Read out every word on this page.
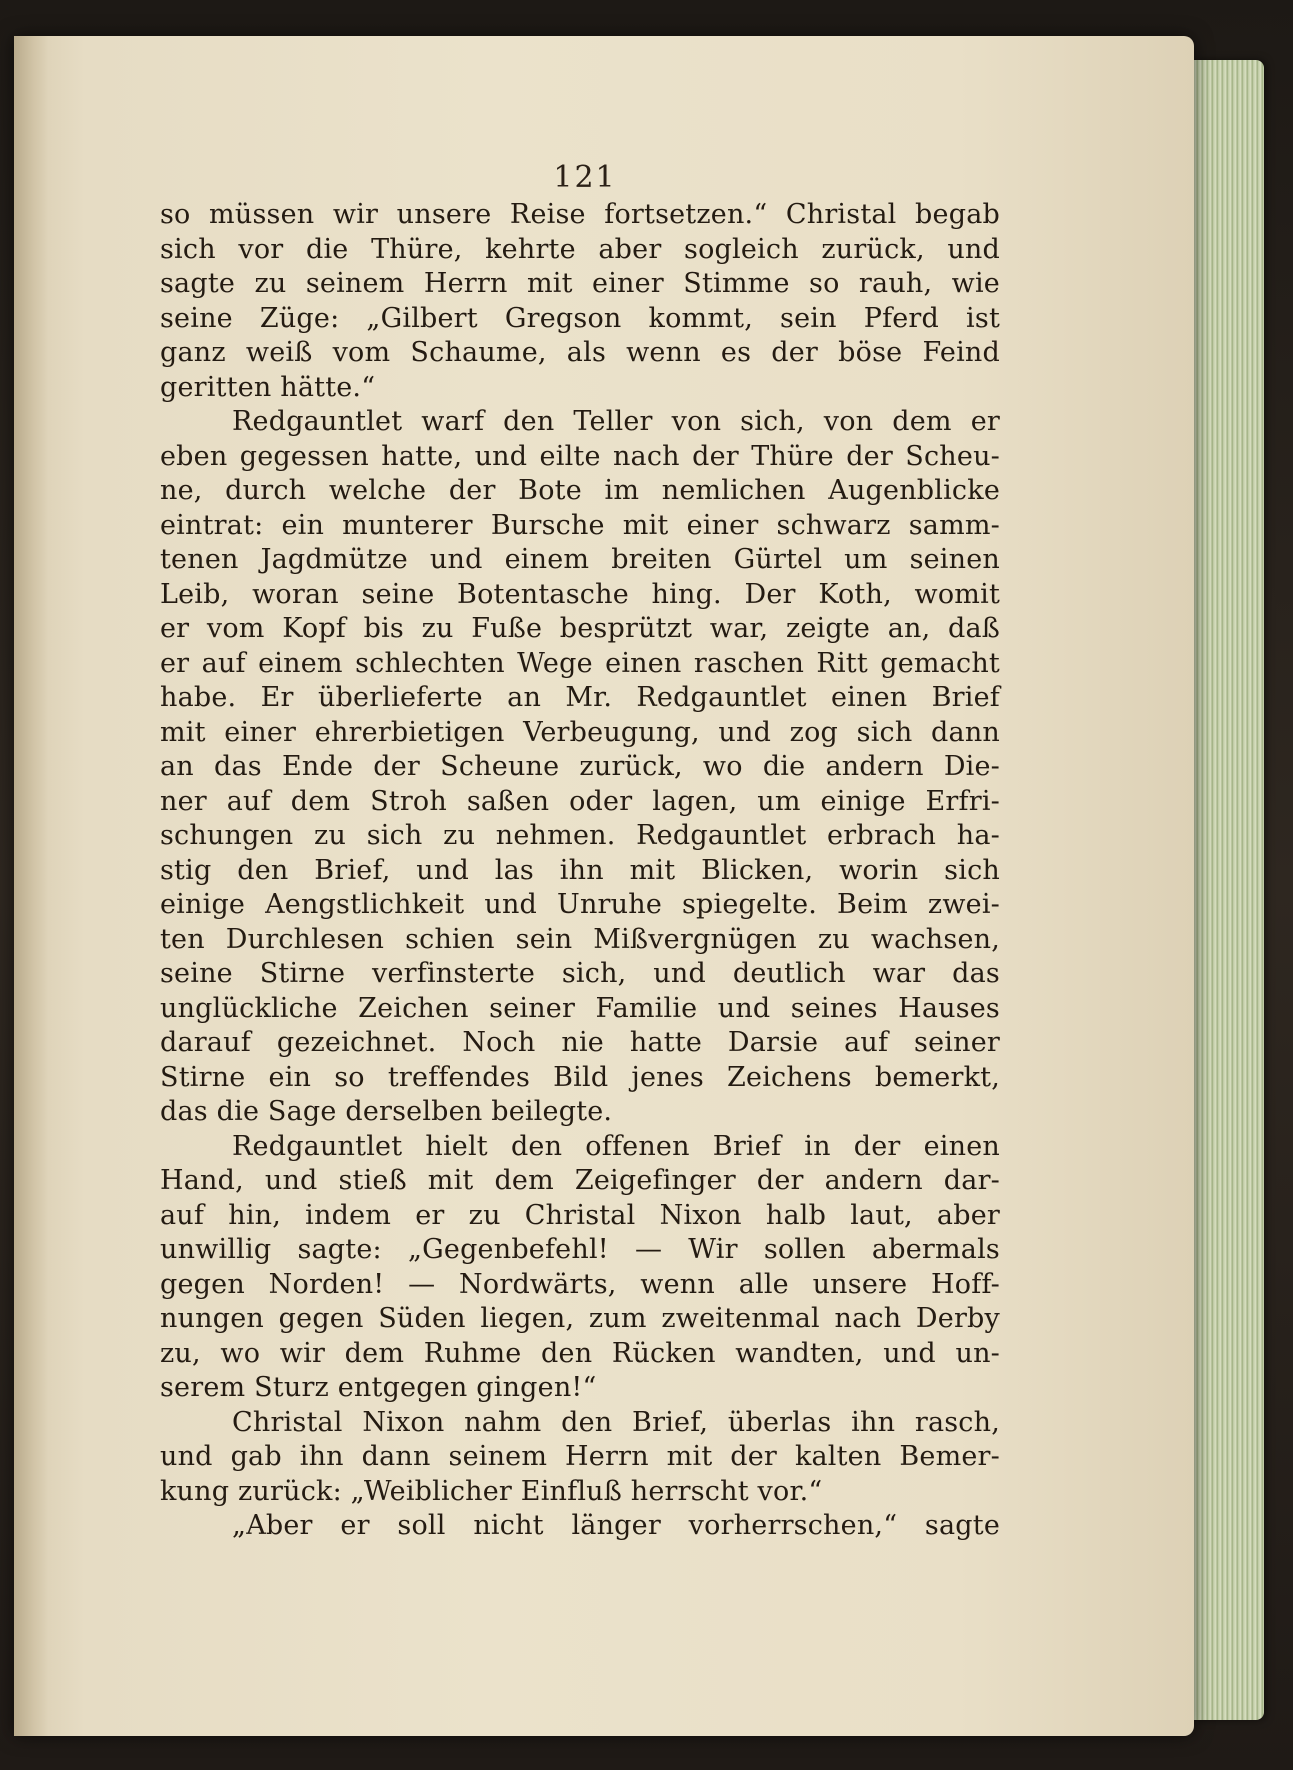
121
so müssen wir unsere Reise fortsetzen.“ Christal begab
sich vor die Thüre, kehrte aber sogleich zurück, und
sagte zu seinem Herrn mit einer Stimme so rauh, wie
seine Züge: „Gilbert Gregson kommt, sein Pferd ist
ganz weiß vom Schaume, als wenn es der böse Feind
geritten hätte.“
Redgauntlet warf den Teller von sich, von dem er
eben gegessen hatte, und eilte nach der Thüre der Scheu-
ne, durch welche der Bote im nemlichen Augenblicke
eintrat: ein munterer Bursche mit einer schwarz samm-
tenen Jagdmütze und einem breiten Gürtel um seinen
Leib, woran seine Botentasche hing. Der Koth, womit
er vom Kopf bis zu Fuße besprützt war, zeigte an, daß
er auf einem schlechten Wege einen raschen Ritt gemacht
habe. Er überlieferte an Mr. Redgauntlet einen Brief
mit einer ehrerbietigen Verbeugung, und zog sich dann
an das Ende der Scheune zurück, wo die andern Die-
ner auf dem Stroh saßen oder lagen, um einige Erfri-
schungen zu sich zu nehmen. Redgauntlet erbrach ha-
stig den Brief, und las ihn mit Blicken, worin sich
einige Aengstlichkeit und Unruhe spiegelte. Beim zwei-
ten Durchlesen schien sein Mißvergnügen zu wachsen,
seine Stirne verfinsterte sich, und deutlich war das
unglückliche Zeichen seiner Familie und seines Hauses
darauf gezeichnet. Noch nie hatte Darsie auf seiner
Stirne ein so treffendes Bild jenes Zeichens bemerkt,
das die Sage derselben beilegte.
Redgauntlet hielt den offenen Brief in der einen
Hand, und stieß mit dem Zeigefinger der andern dar-
auf hin, indem er zu Christal Nixon halb laut, aber
unwillig sagte: „Gegenbefehl! — Wir sollen abermals
gegen Norden! — Nordwärts, wenn alle unsere Hoff-
nungen gegen Süden liegen, zum zweitenmal nach Derby
zu, wo wir dem Ruhme den Rücken wandten, und un-
serem Sturz entgegen gingen!“
Christal Nixon nahm den Brief, überlas ihn rasch,
und gab ihn dann seinem Herrn mit der kalten Bemer-
kung zurück: „Weiblicher Einfluß herrscht vor.“
„Aber er soll nicht länger vorherrschen,“ sagte
